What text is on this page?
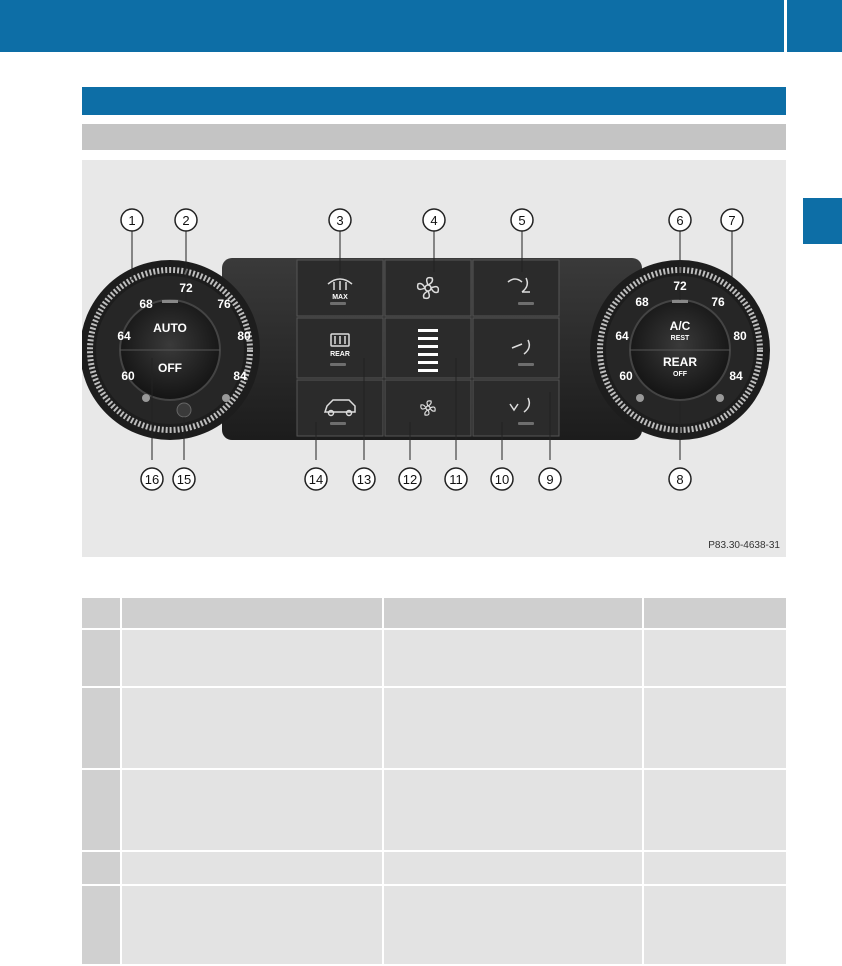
MAX
REAR
AUTO
OFF
60
64
68
72
76
80
84
A/C
REST
REAR
OFF
60
64
68
72
76
80
84
1	2	3	4	5	6	7
8
9
10
11
12
13
14
15
16
P83.30-4638-31
